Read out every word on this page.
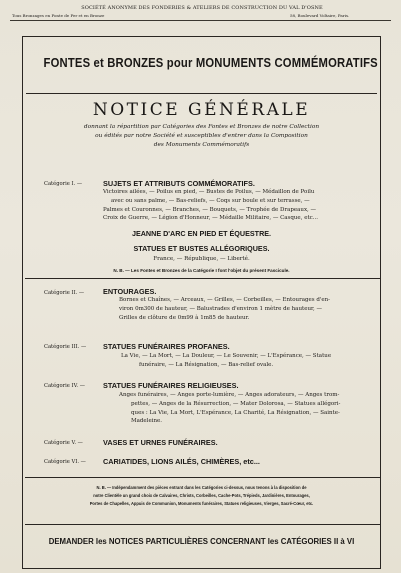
SOCIÉTÉ ANONYME DES FONDERIES & ATELIERS DE CONSTRUCTION DU VAL D'OSNE
Tous Bronzages en Fonte de Fer et en Bronze	58, Boulevard Voltaire, Paris.
FONTES et BRONZES pour MONUMENTS COMMÉMORATIFS
NOTICE GÉNÉRALE
donnant la répartition par Catégories des Fontes et Bronzes de notre Collection
ou édités par notre Société et susceptibles d'entrer dans la Composition
des Monuments Commémoratifs
Catégorie I. —	SUJETS ET ATTRIBUTS COMMÉMORATIFS.
Victoires ailées, — Poilus en pied, — Bustes de Poilus, — Médaillon de Poilu
avec ou sans palme, — Bas-reliefs, — Coqs sur boule et sur terrasse, —
Palmes et Couronnes, — Branches, — Bouquets, — Trophée de Drapeaux, —
Croix de Guerre, — Légion d'Honneur, — Médaille Militaire, — Casque, etc...
JEANNE D'ARC EN PIED ET ÉQUESTRE.
STATUES ET BUSTES ALLÉGORIQUES.
France, — République, — Liberté.
N. B. — Les Fontes et Bronzes de la Catégorie I font l'objet du présent Fascicule.
Catégorie II. —	ENTOURAGES.
Bornes et Chaînes, — Arceaux, — Grilles, — Corbeilles, — Entourages d'en-
viron 0m300 de hauteur, — Balustrades d'environ 1 mètre de hauteur, —
Grilles de clôture de 0m99 à 1m85 de hauteur.
Catégorie III. — STATUES FUNÉRAIRES PROFANES.
La Vie, — La Mort, — La Douleur, — Le Souvenir, — L'Espérance, — Statue
funéraire, — La Résignation, — Bas-relief ovale.
Catégorie IV. — STATUES FUNÉRAIRES RELIGIEUSES.
Anges funéraires, — Anges porte-lumière, — Anges adorateurs, — Anges trom-
pettes, — Anges de la Résurrection, — Mater Dolorosa, — Statues allégori-
ques : La Vie, La Mort, L'Espérance, La Charité, La Résignation, — Sainte-
Madeleine.
Catégorie V. —	VASES ET URNES FUNÉRAIRES.
Catégorie VI. — CARIATIDES, LIONS AILÉS, CHIMÈRES, etc...
N. B. — Indépendamment des pièces entrant dans les Catégories ci-dessus, nous tenons à la disposition de
notre Clientèle un grand choix de Calvaires, Christs, Corbeilles, Cache-Pots, Trépieds, Jardinières, Entourages,
Portes de Chapelles, Appuis de Communion, Monuments funéraires, Statues religieuses, Vierges, Sacré-Cœur, etc.
DEMANDER les NOTICES PARTICULIÈRES CONCERNANT les CATÉGORIES II à VI
